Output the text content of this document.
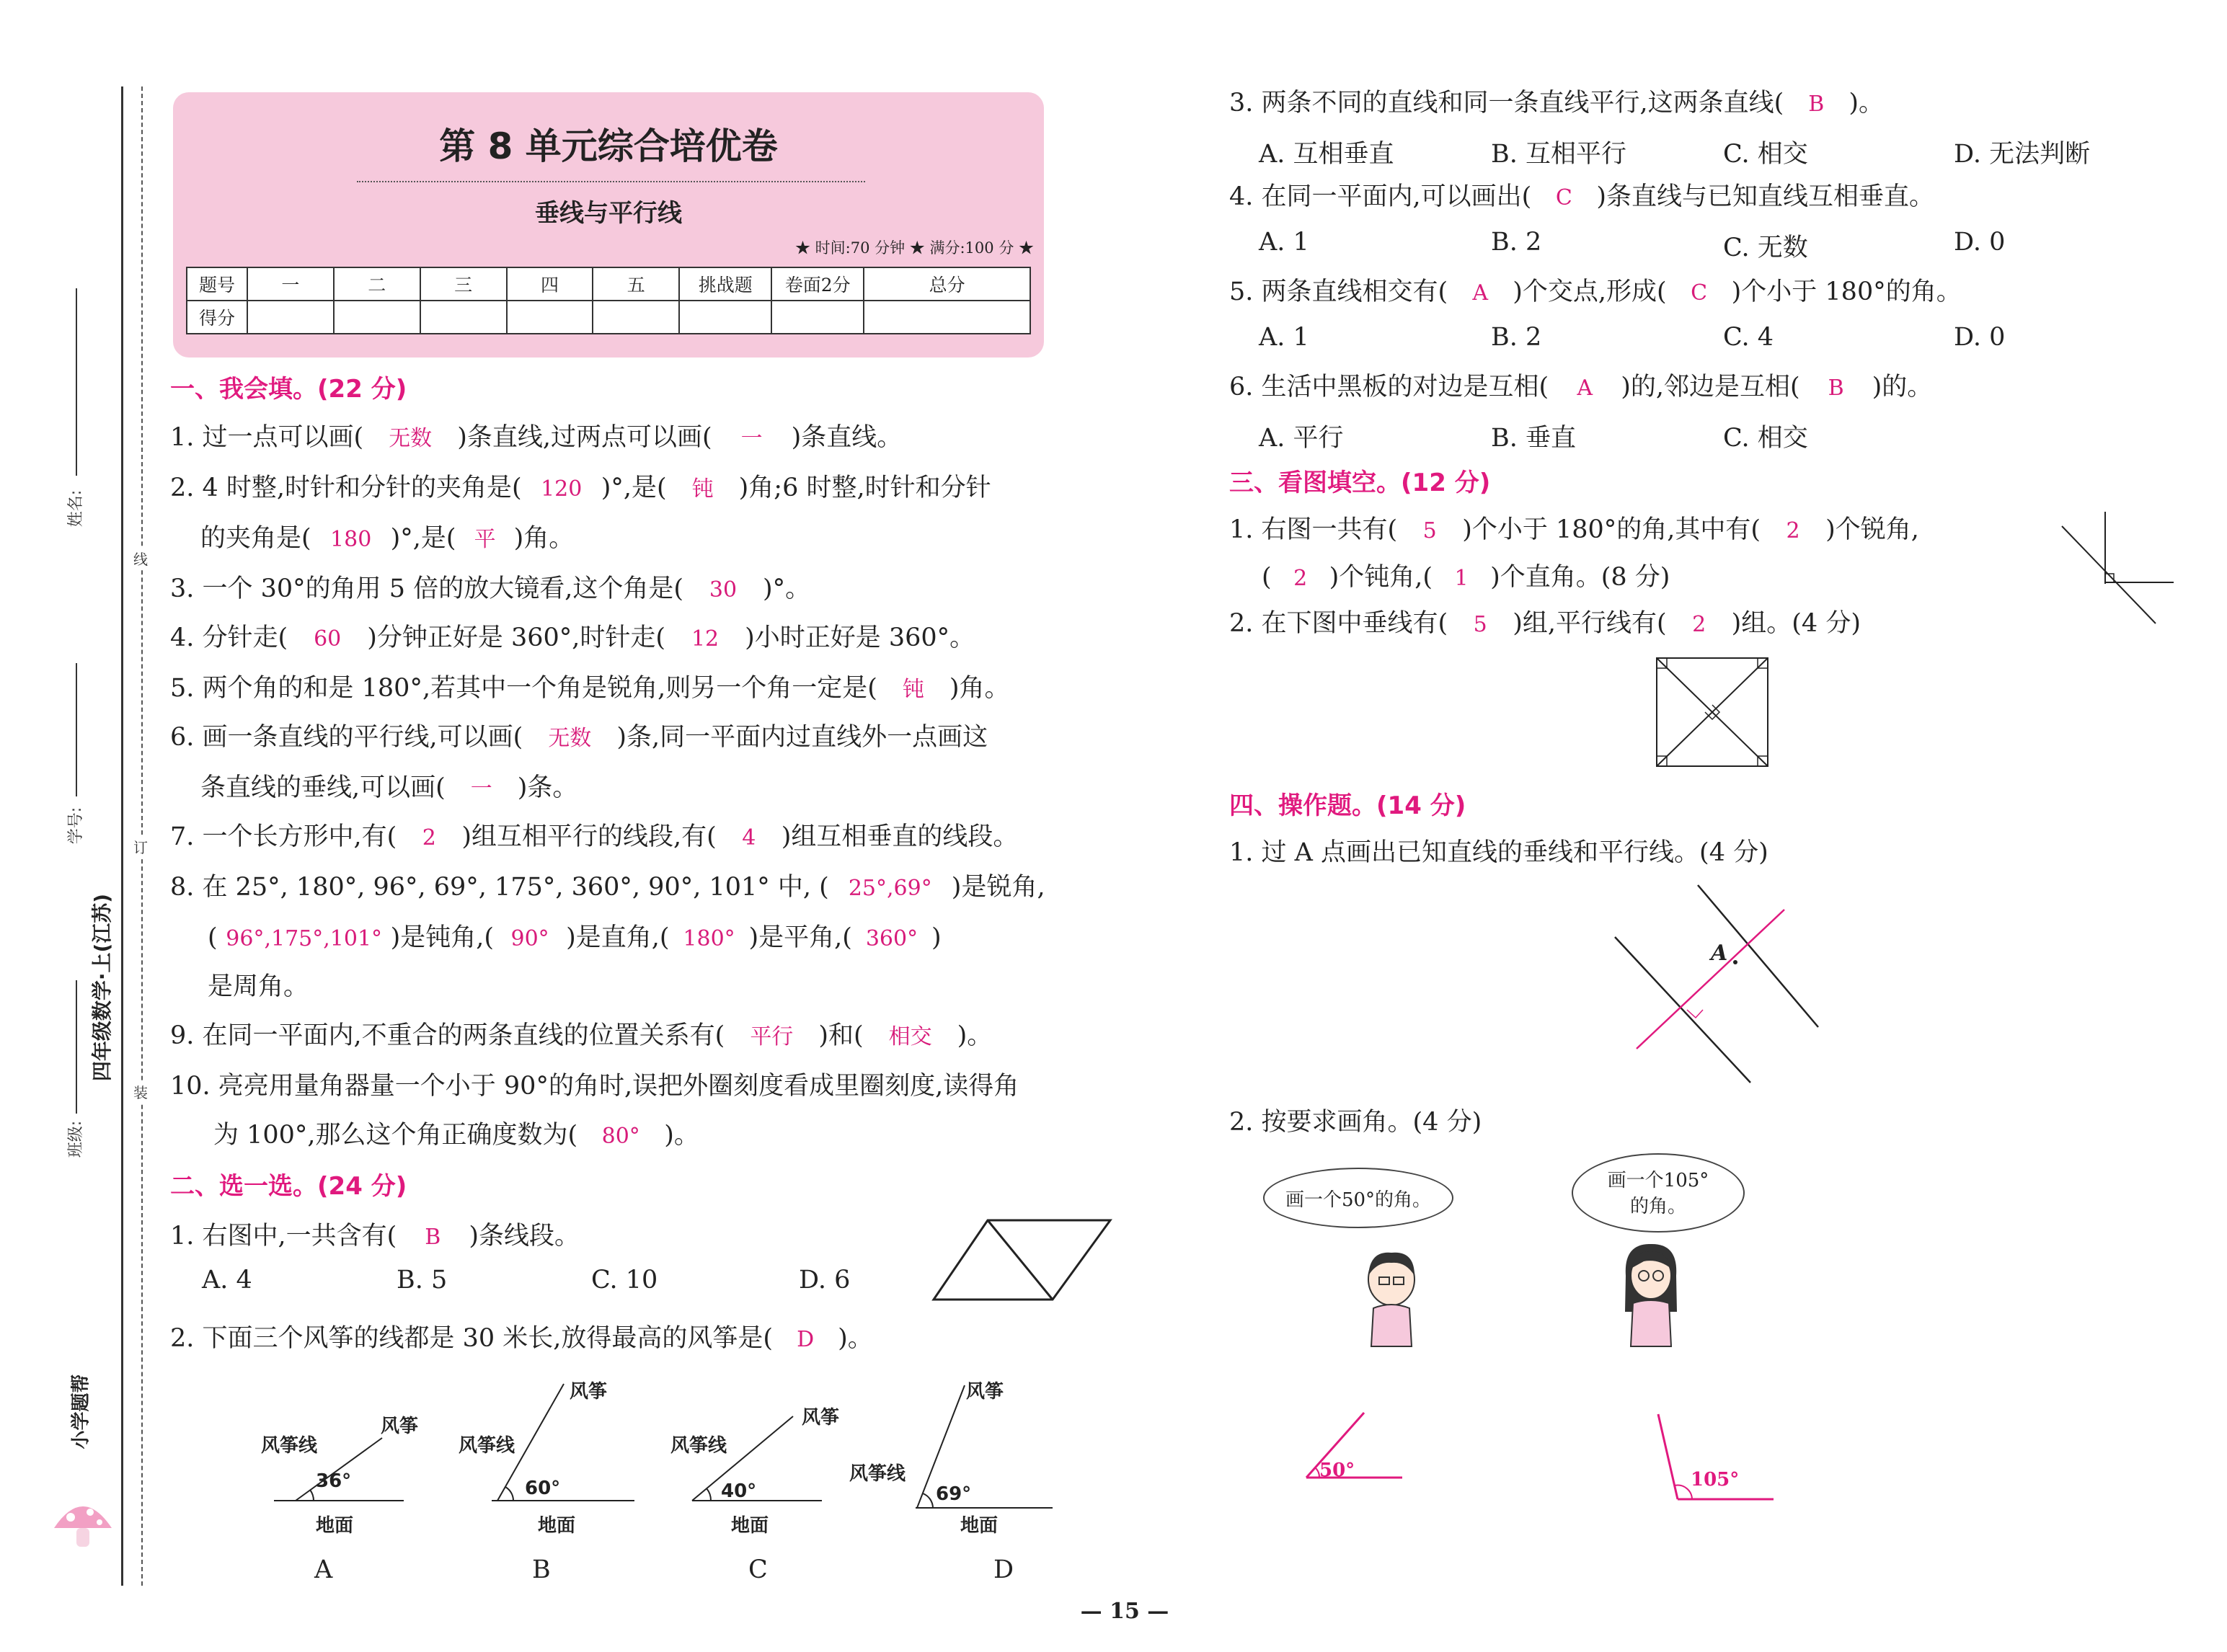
班级:
学号:
姓名:
四年级数学·上(江苏)
线
订
装
小学题帮
第 8 单元综合培优卷
垂线与平行线
★ 时间:70 分钟 ★ 满分:100 分 ★
题号	一	二	三	四	五	挑战题	卷面2分	总分
得分								
一、我会填。(22 分)
1. 过一点可以画( 无数 )条直线,过两点可以画( 一 )条直线。
2. 4 时整,时针和分针的夹角是( 120 )°,是( 钝 )角;6 时整,时针和分针
的夹角是( 180 )°,是( 平 )角。
3. 一个 30°的角用 5 倍的放大镜看,这个角是( 30 )°。
4. 分针走( 60 )分钟正好是 360°,时针走( 12 )小时正好是 360°。
5. 两个角的和是 180°,若其中一个角是锐角,则另一个角一定是( 钝 )角。
6. 画一条直线的平行线,可以画( 无数 )条,同一平面内过直线外一点画这
条直线的垂线,可以画( 一 )条。
7. 一个长方形中,有( 2 )组互相平行的线段,有( 4 )组互相垂直的线段。
8. 在 25°, 180°, 96°, 69°, 175°, 360°, 90°, 101° 中, ( 25°,69° )是锐角,
( 96°,175°,101° )是钝角,( 90° )是直角,( 180° )是平角,( 360° )
是周角。
9. 在同一平面内,不重合的两条直线的位置关系有( 平行 )和( 相交 )。
10. 亮亮用量角器量一个小于 90°的角时,误把外圈刻度看成里圈刻度,读得角
为 100°,那么这个角正确度数为( 80° )。
二、选一选。(24 分)
1. 右图中,一共含有( B )条线段。
A. 4	B. 5	C. 10	D. 6
2. 下面三个风筝的线都是 30 米长,放得最高的风筝是( D )。
风筝线
风筝
36°
地面
A
风筝线
风筝
60°
地面
B
风筝线
风筝
40°
地面
C
风筝线
风筝
69°
地面
D
3. 两条不同的直线和同一条直线平行,这两条直线( B )。
A. 互相垂直	B. 互相平行	C. 相交	D. 无法判断
4. 在同一平面内,可以画出( C )条直线与已知直线互相垂直。
A. 1	B. 2	C. 无数	D. 0
5. 两条直线相交有( A )个交点,形成( C )个小于 180°的角。
A. 1	B. 2	C. 4	D. 0
6. 生活中黑板的对边是互相( A )的,邻边是互相( B )的。
A. 平行	B. 垂直	C. 相交
三、看图填空。(12 分)
1. 右图一共有( 5 )个小于 180°的角,其中有( 2 )个锐角,
( 2 )个钝角,( 1 )个直角。(8 分)
2. 在下图中垂线有( 5 )组,平行线有( 2 )组。(4 分)
四、操作题。(14 分)
1. 过 A 点画出已知直线的垂线和平行线。(4 分)
A
2. 按要求画角。(4 分)
画一个50°的角。
画一个105°
的角。
50°	105°
— 15 —
